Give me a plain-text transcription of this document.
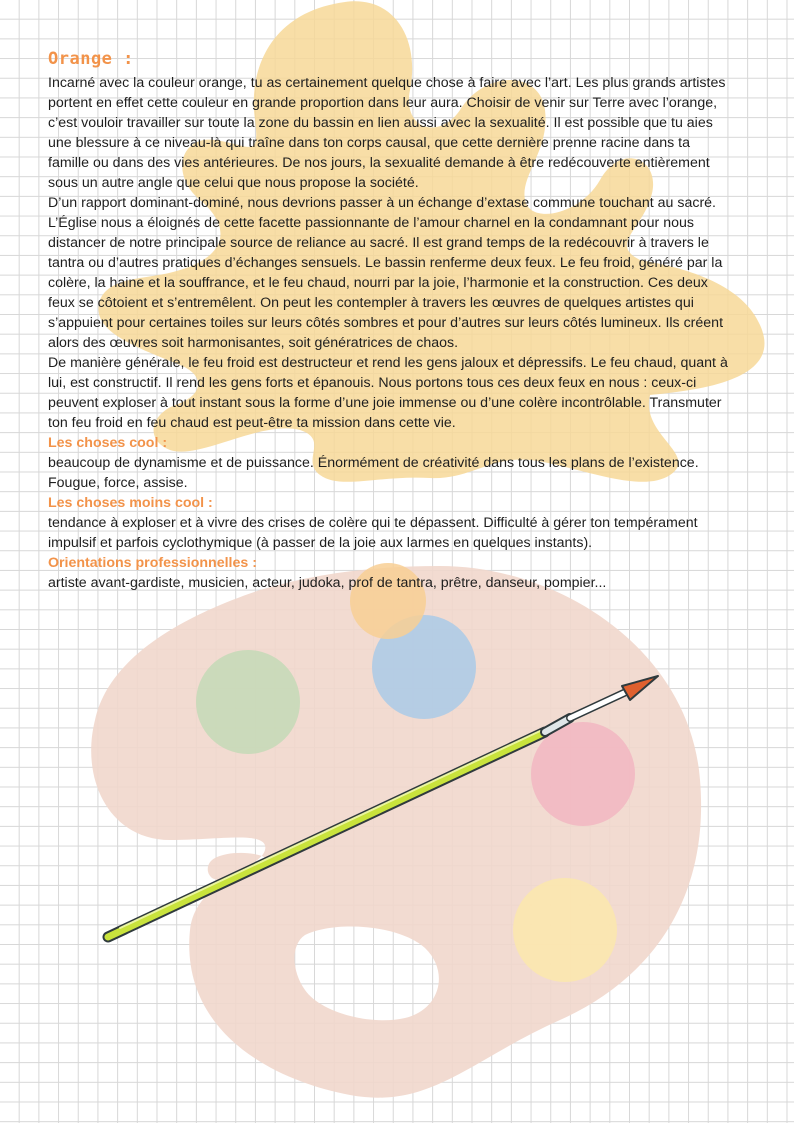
Orange :

Incarné avec la couleur orange, tu as certainement quelque chose à faire avec l’art. Les plus grands artistes portent en effet cette couleur en grande proportion dans leur aura. Choisir de venir sur Terre avec l’orange, c’est vouloir travailler sur toute la zone du bassin en lien aussi avec la sexualité. Il est possible que tu aies une blessure à ce niveau-là qui traîne dans ton corps causal, que cette dernière prenne racine dans ta famille ou dans des vies antérieures. De nos jours, la sexualité demande à être redécouverte entièrement sous un autre angle que celui que nous propose la société.

D’un rapport dominant-dominé, nous devrions passer à un échange d’extase commune touchant au sacré. L’Église nous a éloignés de cette facette passionnante de l’amour charnel en la condamnant pour nous distancer de notre principale source de reliance au sacré. Il est grand temps de la redécouvrir à travers le tantra ou d’autres pratiques d’échanges sensuels. Le bassin renferme deux feux. Le feu froid, généré par la colère, la haine et la souffrance, et le feu chaud, nourri par la joie, l’harmonie et la construction. Ces deux feux se côtoient et s’entremêlent. On peut les contempler à travers les œuvres de quelques artistes qui s’appuient pour certaines toiles sur leurs côtés sombres et pour d’autres sur leurs côtés lumineux. Ils créent alors des œuvres soit harmonisantes, soit génératrices de chaos.

De manière générale, le feu froid est destructeur et rend les gens jaloux et dépressifs. Le feu chaud, quant à lui, est constructif. Il rend les gens forts et épanouis. Nous portons tous ces deux feux en nous : ceux-ci peuvent exploser à tout instant sous la forme d’une joie immense ou d’une colère incontrôlable. Transmuter ton feu froid en feu chaud est peut-être ta mission dans cette vie.

Les choses cool :

beaucoup de dynamisme et de puissance. Énormément de créativité dans tous les plans de l’existence. Fougue, force, assise.

Les choses moins cool :

tendance à exploser et à vivre des crises de colère qui te dépassent. Difficulté à gérer ton tempérament impulsif et parfois cyclothymique (à passer de la joie aux larmes en quelques instants).

Orientations professionnelles :

artiste avant-gardiste, musicien, acteur, judoka, prof de tantra, prêtre, danseur, pompier...
